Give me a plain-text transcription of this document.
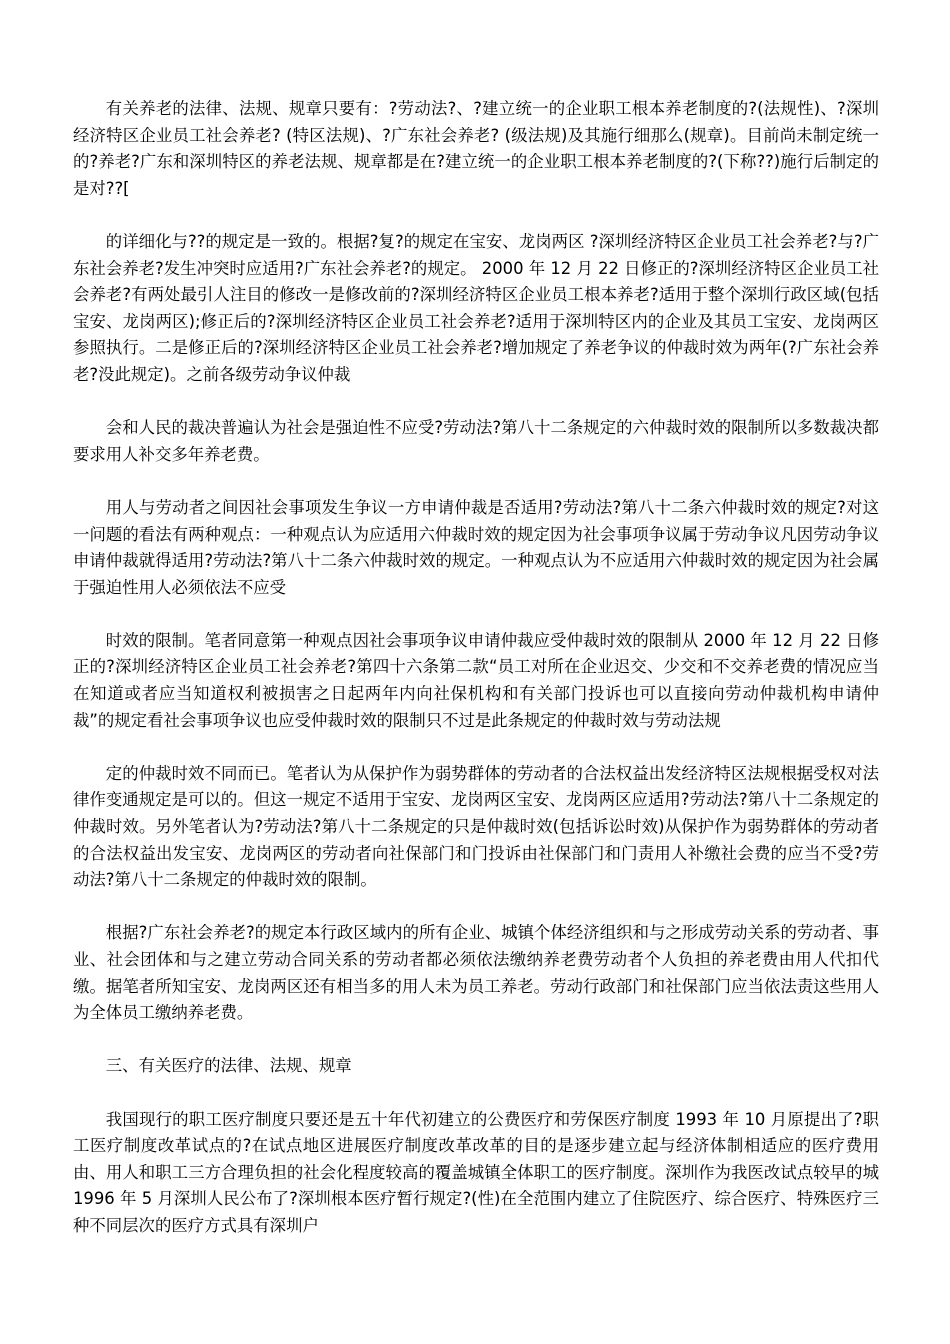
有关养老的法律、法规、规章只要有：?劳动法?、?建立统一的企业职工根本养老制度的?(法规性)、?深圳经济特区企业员工社会养老? (特区法规)、?广东社会养老? (级法规)及其施行细那么(规章)。目前尚未制定统一的?养老?广东和深圳特区的养老法规、规章都是在?建立统一的企业职工根本养老制度的?(下称??)施行后制定的是对??[

的详细化与??的规定是一致的。根据?复?的规定在宝安、龙岗两区 ?深圳经济特区企业员工社会养老?与?广东社会养老?发生冲突时应适用?广东社会养老?的规定。 2000 年 12 月 22 日修正的?深圳经济特区企业员工社会养老?有两处最引人注目的修改一是修改前的?深圳经济特区企业员工根本养老?适用于整个深圳行政区域(包括宝安、龙岗两区);修正后的?深圳经济特区企业员工社会养老?适用于深圳特区内的企业及其员工宝安、龙岗两区参照执行。二是修正后的?深圳经济特区企业员工社会养老?增加规定了养老争议的仲裁时效为两年(?广东社会养老?没此规定)。之前各级劳动争议仲裁

会和人民的裁决普遍认为社会是强迫性不应受?劳动法?第八十二条规定的六仲裁时效的限制所以多数裁决都要求用人补交多年养老费。

用人与劳动者之间因社会事项发生争议一方申请仲裁是否适用?劳动法?第八十二条六仲裁时效的规定?对这一问题的看法有两种观点：一种观点认为应适用六仲裁时效的规定因为社会事项争议属于劳动争议凡因劳动争议申请仲裁就得适用?劳动法?第八十二条六仲裁时效的规定。一种观点认为不应适用六仲裁时效的规定因为社会属于强迫性用人必须依法不应受

时效的限制。笔者同意第一种观点因社会事项争议申请仲裁应受仲裁时效的限制从 2000 年 12 月 22 日修正的?深圳经济特区企业员工社会养老?第四十六条第二款“员工对所在企业迟交、少交和不交养老费的情况应当在知道或者应当知道权利被损害之日起两年内向社保机构和有关部门投诉也可以直接向劳动仲裁机构申请仲裁”的规定看社会事项争议也应受仲裁时效的限制只不过是此条规定的仲裁时效与劳动法规

定的仲裁时效不同而已。笔者认为从保护作为弱势群体的劳动者的合法权益出发经济特区法规根据受权对法律作变通规定是可以的。但这一规定不适用于宝安、龙岗两区宝安、龙岗两区应适用?劳动法?第八十二条规定的仲裁时效。另外笔者认为?劳动法?第八十二条规定的只是仲裁时效(包括诉讼时效)从保护作为弱势群体的劳动者的合法权益出发宝安、龙岗两区的劳动者向社保部门和门投诉由社保部门和门责用人补缴社会费的应当不受?劳动法?第八十二条规定的仲裁时效的限制。

根据?广东社会养老?的规定本行政区域内的所有企业、城镇个体经济组织和与之形成劳动关系的劳动者、事业、社会团体和与之建立劳动合同关系的劳动者都必须依法缴纳养老费劳动者个人负担的养老费由用人代扣代缴。据笔者所知宝安、龙岗两区还有相当多的用人未为员工养老。劳动行政部门和社保部门应当依法责这些用人为全体员工缴纳养老费。

三、有关医疗的法律、法规、规章

我国现行的职工医疗制度只要还是五十年代初建立的公费医疗和劳保医疗制度 1993 年 10 月原提出了?职工医疗制度改革试点的?在试点地区进展医疗制度改革改革的目的是逐步建立起与经济体制相适应的医疗费用由、用人和职工三方合理负担的社会化程度较高的覆盖城镇全体职工的医疗制度。深圳作为我医改试点较早的城 1996 年 5 月深圳人民公布了?深圳根本医疗暂行规定?(性)在全范围内建立了住院医疗、综合医疗、特殊医疗三种不同层次的医疗方式具有深圳户
